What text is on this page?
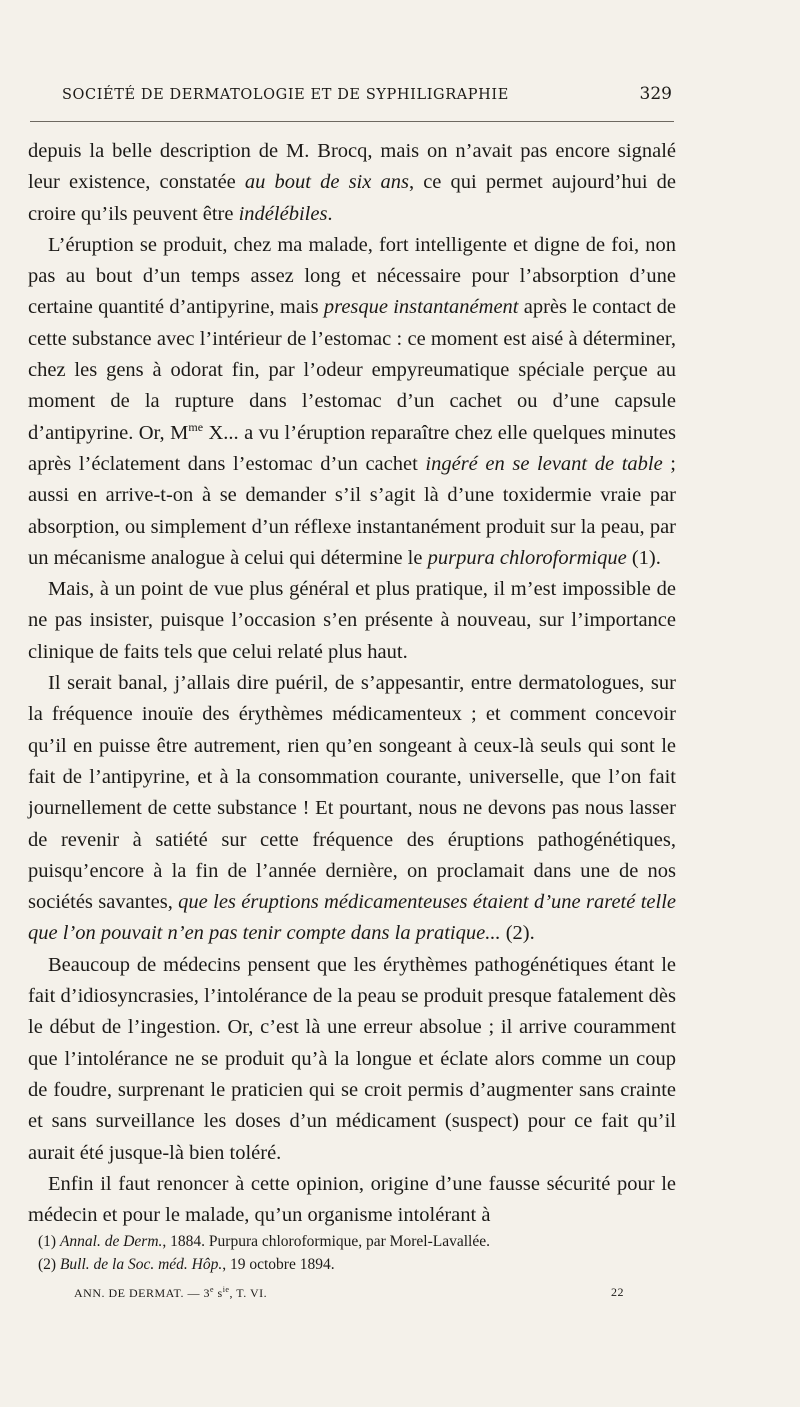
SOCIÉTÉ DE DERMATOLOGIE ET DE SYPHILIGRAPHIE	329

depuis la belle description de M. Brocq, mais on n’avait pas encore signalé leur existence, constatée au bout de six ans, ce qui permet aujourd’hui de croire qu’ils peuvent être indélébiles.

L’éruption se produit, chez ma malade, fort intelligente et digne de foi, non pas au bout d’un temps assez long et nécessaire pour l’absorption d’une certaine quantité d’antipyrine, mais presque instantanément après le contact de cette substance avec l’intérieur de l’estomac : ce moment est aisé à déterminer, chez les gens à odorat fin, par l’odeur empyreumatique spéciale perçue au moment de la rupture dans l’estomac d’un cachet ou d’une capsule d’antipyrine. Or, $M^{me}$ X... a vu l’éruption reparaître chez elle quelques minutes après l’éclatement dans l’estomac d’un cachet ingéré en se levant de table ; aussi en arrive-t-on à se demander s’il s’agit là d’une toxidermie vraie par absorption, ou simplement d’un réflexe instantanément produit sur la peau, par un mécanisme analogue à celui qui détermine le purpura chloroformique (1).

Mais, à un point de vue plus général et plus pratique, il m’est impossible de ne pas insister, puisque l’occasion s’en présente à nouveau, sur l’importance clinique de faits tels que celui relaté plus haut.

Il serait banal, j’allais dire puéril, de s’appesantir, entre dermatologues, sur la fréquence inouïe des érythèmes médicamenteux ; et comment concevoir qu’il en puisse être autrement, rien qu’en songeant à ceux-là seuls qui sont le fait de l’antipyrine, et à la consommation courante, universelle, que l’on fait journellement de cette substance ! Et pourtant, nous ne devons pas nous lasser de revenir à satiété sur cette fréquence des éruptions pathogénétiques, puisqu’encore à la fin de l’année dernière, on proclamait dans une de nos sociétés savantes, que les éruptions médicamenteuses étaient d’une rareté telle que l’on pouvait n’en pas tenir compte dans la pratique... (2).

Beaucoup de médecins pensent que les érythèmes pathogénétiques étant le fait d’idiosyncrasies, l’intolérance de la peau se produit presque fatalement dès le début de l’ingestion. Or, c’est là une erreur absolue ; il arrive couramment que l’intolérance ne se produit qu’à la longue et éclate alors comme un coup de foudre, surprenant le praticien qui se croit permis d’augmenter sans crainte et sans surveillance les doses d’un médicament (suspect) pour ce fait qu’il aurait été jusque-là bien toléré.

Enfin il faut renoncer à cette opinion, origine d’une fausse sécurité pour le médecin et pour le malade, qu’un organisme intolérant à

(1) Annal. de Derm., 1884. Purpura chloroformique, par Morel-Lavallée.
(2) Bull. de la Soc. méd. Hôp., 19 octobre 1894.
ANN. DE DERMAT. — 3e $s^{ie}$, T. VI.	22
